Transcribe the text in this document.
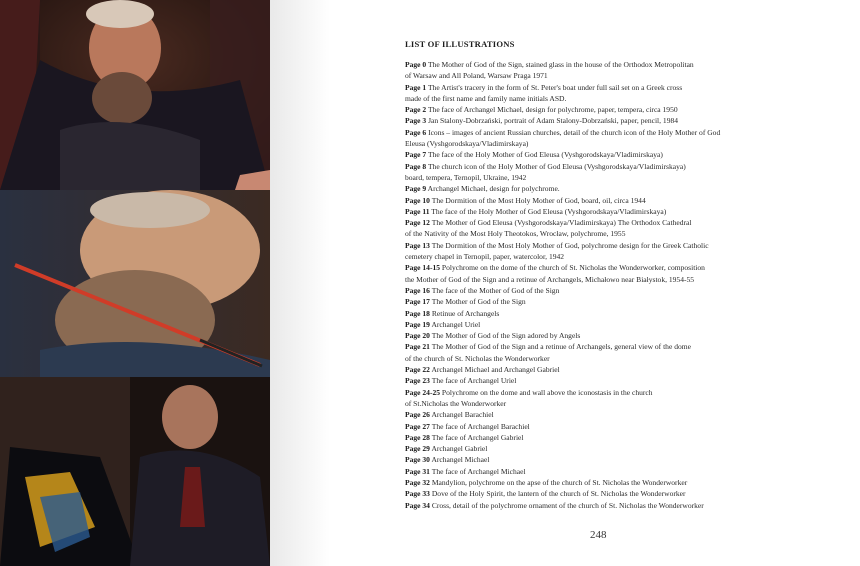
LIST OF ILLUSTRATIONS
Page 0 The Mother of God of the Sign, stained glass in the house of the Orthodox Metropolitan
of Warsaw and All Poland, Warsaw Praga 1971
Page 1 The Artist's tracery in the form of St. Peter's boat under full sail set on a Greek cross
made of the first name and family name initials ASD.
Page 2 The face of Archangel Michael, design for polychrome, paper, tempera, circa 1950
Page 3 Jan Stalony-Dobrzański, portrait of Adam Stalony-Dobrzański, paper, pencil, 1984
Page 6 Icons – images of ancient Russian churches, detail of the church icon of the Holy Mother of God
Eleusa (Vyshgorodskaya/Vladimirskaya)
Page 7 The face of the Holy Mother of God Eleusa (Vyshgorodskaya/Vladimirskaya)
Page 8 The church icon of the Holy Mother of God Eleusa (Vyshgorodskaya/Vladimirskaya)
board, tempera, Ternopil, Ukraine, 1942
Page 9 Archangel Michael, design for polychrome.
Page 10 The Dormition of the Most Holy Mother of God, board, oil, circa 1944
Page 11 The face of the Holy Mother of God Eleusa (Vyshgorodskaya/Vladimirskaya)
Page 12 The Mother of God Eleusa (Vyshgorodskaya/Vladimirskaya) The Orthodox Cathedral
of the Nativity of the Most Holy Theotokos, Wrocław, polychrome, 1955
Page 13 The Dormition of the Most Holy Mother of God, polychrome design for the Greek Catholic
cemetery chapel in Ternopil, paper, watercolor, 1942
Page 14-15 Polychrome on the dome of the church of St. Nicholas the Wonderworker, composition
the Mother of God of the Sign and a retinue of Archangels, Michałowo near Białystok, 1954-55
Page 16 The face of the Mother of God of the Sign
Page 17 The Mother of God of the Sign
Page 18 Retinue of Archangels
Page 19 Archangel Uriel
Page 20 The Mother of God of the Sign adored by Angels
Page 21 The Mother of God of the Sign and a retinue of Archangels, general view of the dome
of the church of St. Nicholas the Wonderworker
Page 22 Archangel Michael and Archangel Gabriel
Page 23 The face of Archangel Uriel
Page 24-25 Polychrome on the dome and wall above the iconostasis in the church
of St.Nicholas the Wonderworker
Page 26 Archangel Barachiel
Page 27 The face of Archangel Barachiel
Page 28 The face of Archangel Gabriel
Page 29 Archangel Gabriel
Page 30 Archangel Michael
Page 31 The face of Archangel Michael
Page 32 Mandylion, polychrome on the apse of the church of St. Nicholas the Wonderworker
Page 33 Dove of the Holy Spirit, the lantern of the church of St. Nicholas the Wonderworker
Page 34 Cross, detail of the polychrome ornament of the church of St. Nicholas the Wonderworker
248
